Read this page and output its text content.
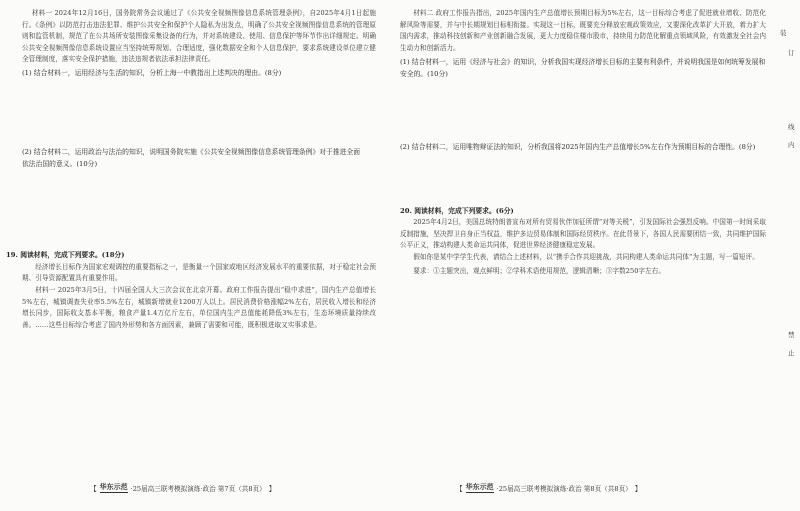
材料一 2024年12月16日，国务院常务会议通过了《公共安全视频图像信息系统管理条例》，自2025年4月1日起施行。《条例》以防范打击违法犯罪、维护公共安全和保护个人隐私为出发点，明确了公共安全视频图像信息系统的管理原则和监管机制，规范了在公共场所安装图像采集设备的行为，并对系统建设、使用、信息保护等环节作出详细规定。明确公共安全视频图像信息系统设置应当坚持统筹规划、合理适度，强化数据安全和个人信息保护，要求系统建设单位建立健全管理制度，落实安全保护措施，违法违规者依法承担法律责任。

(1) 结合材料一，运用经济与生活的知识，分析上海一中教指出上述判决的理由。(8分)

(2) 结合材料二，运用政治与法治的知识，说明国务院实施《公共安全视频图像信息系统管理条例》对于推进全面依法治国的意义。(10分)

19. 阅读材料，完成下列要求。(18分)

经济增长目标作为国家宏观调控的重要指标之一，是衡量一个国家或地区经济发展水平的重要依据，对于稳定社会预期、引导资源配置具有重要作用。

材料一 2025年3月5日，十四届全国人大三次会议在北京开幕。政府工作报告提出“稳中求进”，国内生产总值增长5%左右，城镇调查失业率5.5%左右，城镇新增就业1200万人以上。居民消费价格涨幅2%左右，居民收入增长和经济增长同步，国际收支基本平衡，粮食产量1.4万亿斤左右，单位国内生产总值能耗降低3%左右，生态环境质量持续改善。……这些目标综合考虑了国内外形势和各方面因素，兼顾了需要和可能，既积极进取又实事求是。

【 华东示范 ·25届高三联考模拟演练·政治 第7页（共8页） 】

材料二 政府工作报告指出，2025年国内生产总值增长预期目标为5%左右，这一目标综合考虑了促进就业增收、防范化解风险等需要，并与中长期规划目标相衔接。实现这一目标，既要充分释放宏观政策效应，又要深化改革扩大开放，着力扩大国内需求，推动科技创新和产业创新融合发展，更大力度稳住楼市股市，持续用力防范化解重点领域风险，有效激发全社会内生动力和创新活力。

(1) 结合材料一，运用《经济与社会》的知识，分析我国实现经济增长目标的主要有利条件，并说明我国是如何统筹发展和安全的。(10分)

(2) 结合材料二，运用唯物辩证法的知识，分析我国将2025年国内生产总值增长5%左右作为预期目标的合理性。(8分)

20. 阅读材料，完成下列要求。(6分)

2025年4月2日，美国总统特朗普宣布对所有贸易伙伴加征所谓“对等关税”，引发国际社会强烈反响。中国第一时间采取反制措施，坚决捍卫自身正当权益，维护多边贸易体制和国际经贸秩序。在此背景下，各国人民需要团结一致，共同维护国际公平正义，推动构建人类命运共同体，促进世界经济健康稳定发展。

假如你是某中学学生代表，请结合上述材料，以“携手合作共迎挑战，共同构建人类命运共同体”为主题，写一篇短评。

要求：①主题突出，观点鲜明；②学科术语使用规范，逻辑清晰；③字数250字左右。

【 华东示范 ·25届高三联考模拟演练·政治 第8页（共8页） 】
装
订
线
内
禁
止
